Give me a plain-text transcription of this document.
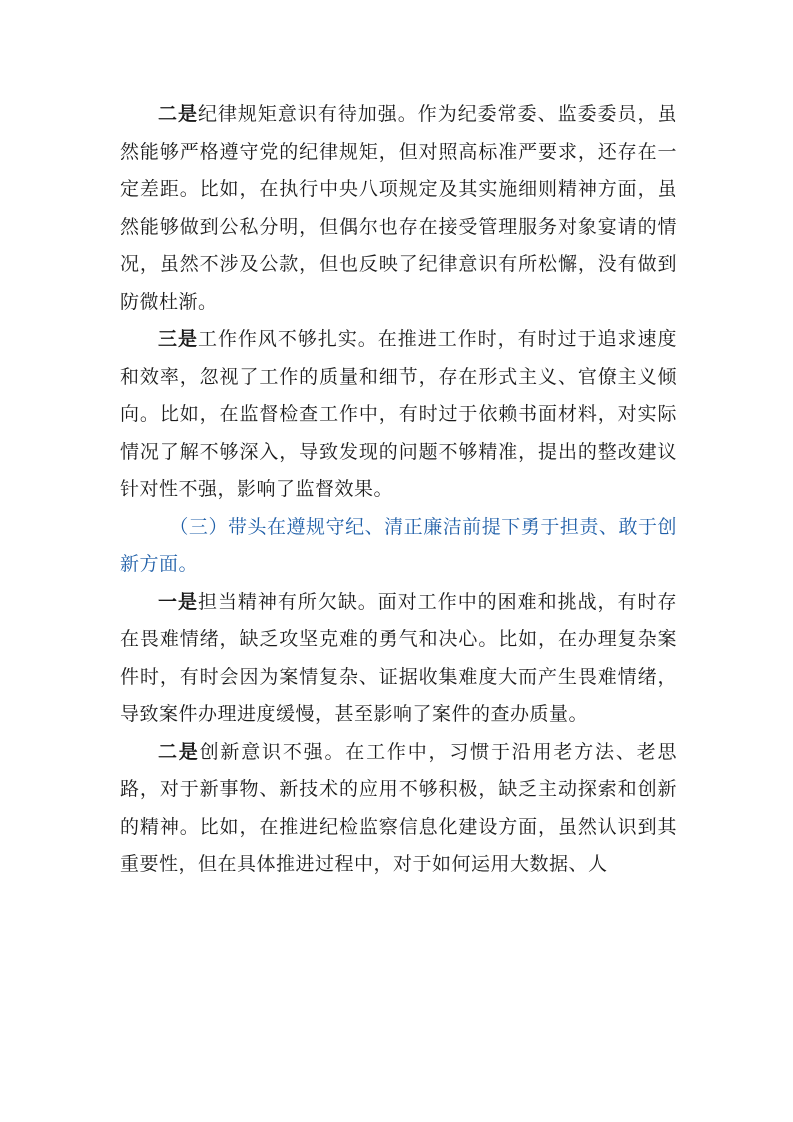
二是纪律规矩意识有待加强。作为纪委常委、监委委员，虽然能够严格遵守党的纪律规矩，但对照高标准严要求，还存在一定差距。比如，在执行中央八项规定及其实施细则精神方面，虽然能够做到公私分明，但偶尔也存在接受管理服务对象宴请的情况，虽然不涉及公款，但也反映了纪律意识有所松懈，没有做到防微杜渐。

三是工作作风不够扎实。在推进工作时，有时过于追求速度和效率，忽视了工作的质量和细节，存在形式主义、官僚主义倾向。比如，在监督检查工作中，有时过于依赖书面材料，对实际情况了解不够深入，导致发现的问题不够精准，提出的整改建议针对性不强，影响了监督效果。

（三）带头在遵规守纪、清正廉洁前提下勇于担责、敢于创新方面。

一是担当精神有所欠缺。面对工作中的困难和挑战，有时存在畏难情绪，缺乏攻坚克难的勇气和决心。比如，在办理复杂案件时，有时会因为案情复杂、证据收集难度大而产生畏难情绪，导致案件办理进度缓慢，甚至影响了案件的查办质量。

二是创新意识不强。在工作中，习惯于沿用老方法、老思路，对于新事物、新技术的应用不够积极，缺乏主动探索和创新的精神。比如，在推进纪检监察信息化建设方面，虽然认识到其重要性，但在具体推进过程中，对于如何运用大数据、人
